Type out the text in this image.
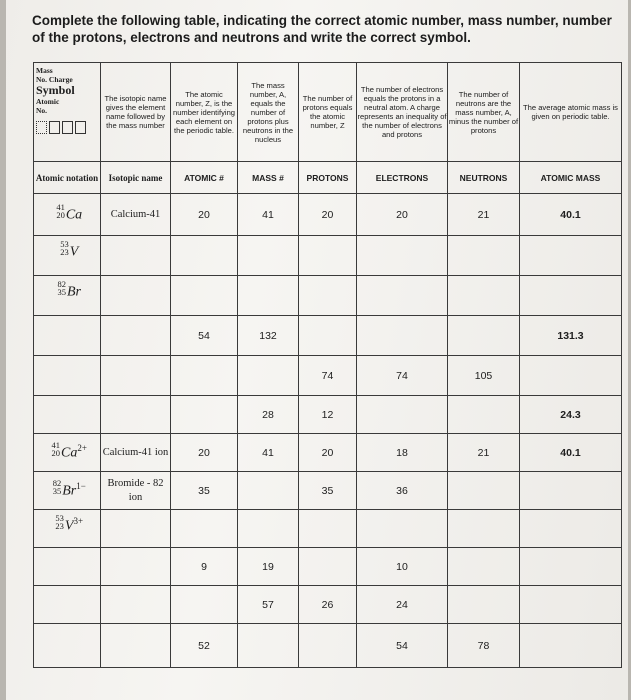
Complete the following table, indicating the correct atomic number, mass number, number of the protons, electrons and neutrons and write the correct symbol.

Mass
No. Charge
Symbol
Atomic
No.	The isotopic name gives the element name followed by the mass number	The atomic number, Z, is the number identifying each element on the periodic table.	The mass number, A, equals the number of protons plus neutrons in the nucleus	The number of protons equals the atomic number, Z	The number of electrons equals the protons in a neutral atom. A charge represents an inequality of the number of electrons and protons	The number of neutrons are the mass number, A, minus the number of protons	The average atomic mass is given on periodic table.
Atomic notation	Isotopic name	ATOMIC #	MASS #	PROTONS	ELECTRONS	NEUTRONS	ATOMIC MASS

41
20 Ca	Calcium-41	20	41	20	20	21	40.1

53
23 V							

82
35 Br							
		54	132				131.3
				74	74	105	
			28	12			24.3

41
20 $Ca^{2+}$	Calcium-41 ion	20	41	20	18	21	40.1

82
35 $Br^{1-}$	Bromide - 82 ion	35		35	36		

53
23 $V^{3+}$							
		9	19		10		
			57	26	24		
		52			54	78	
